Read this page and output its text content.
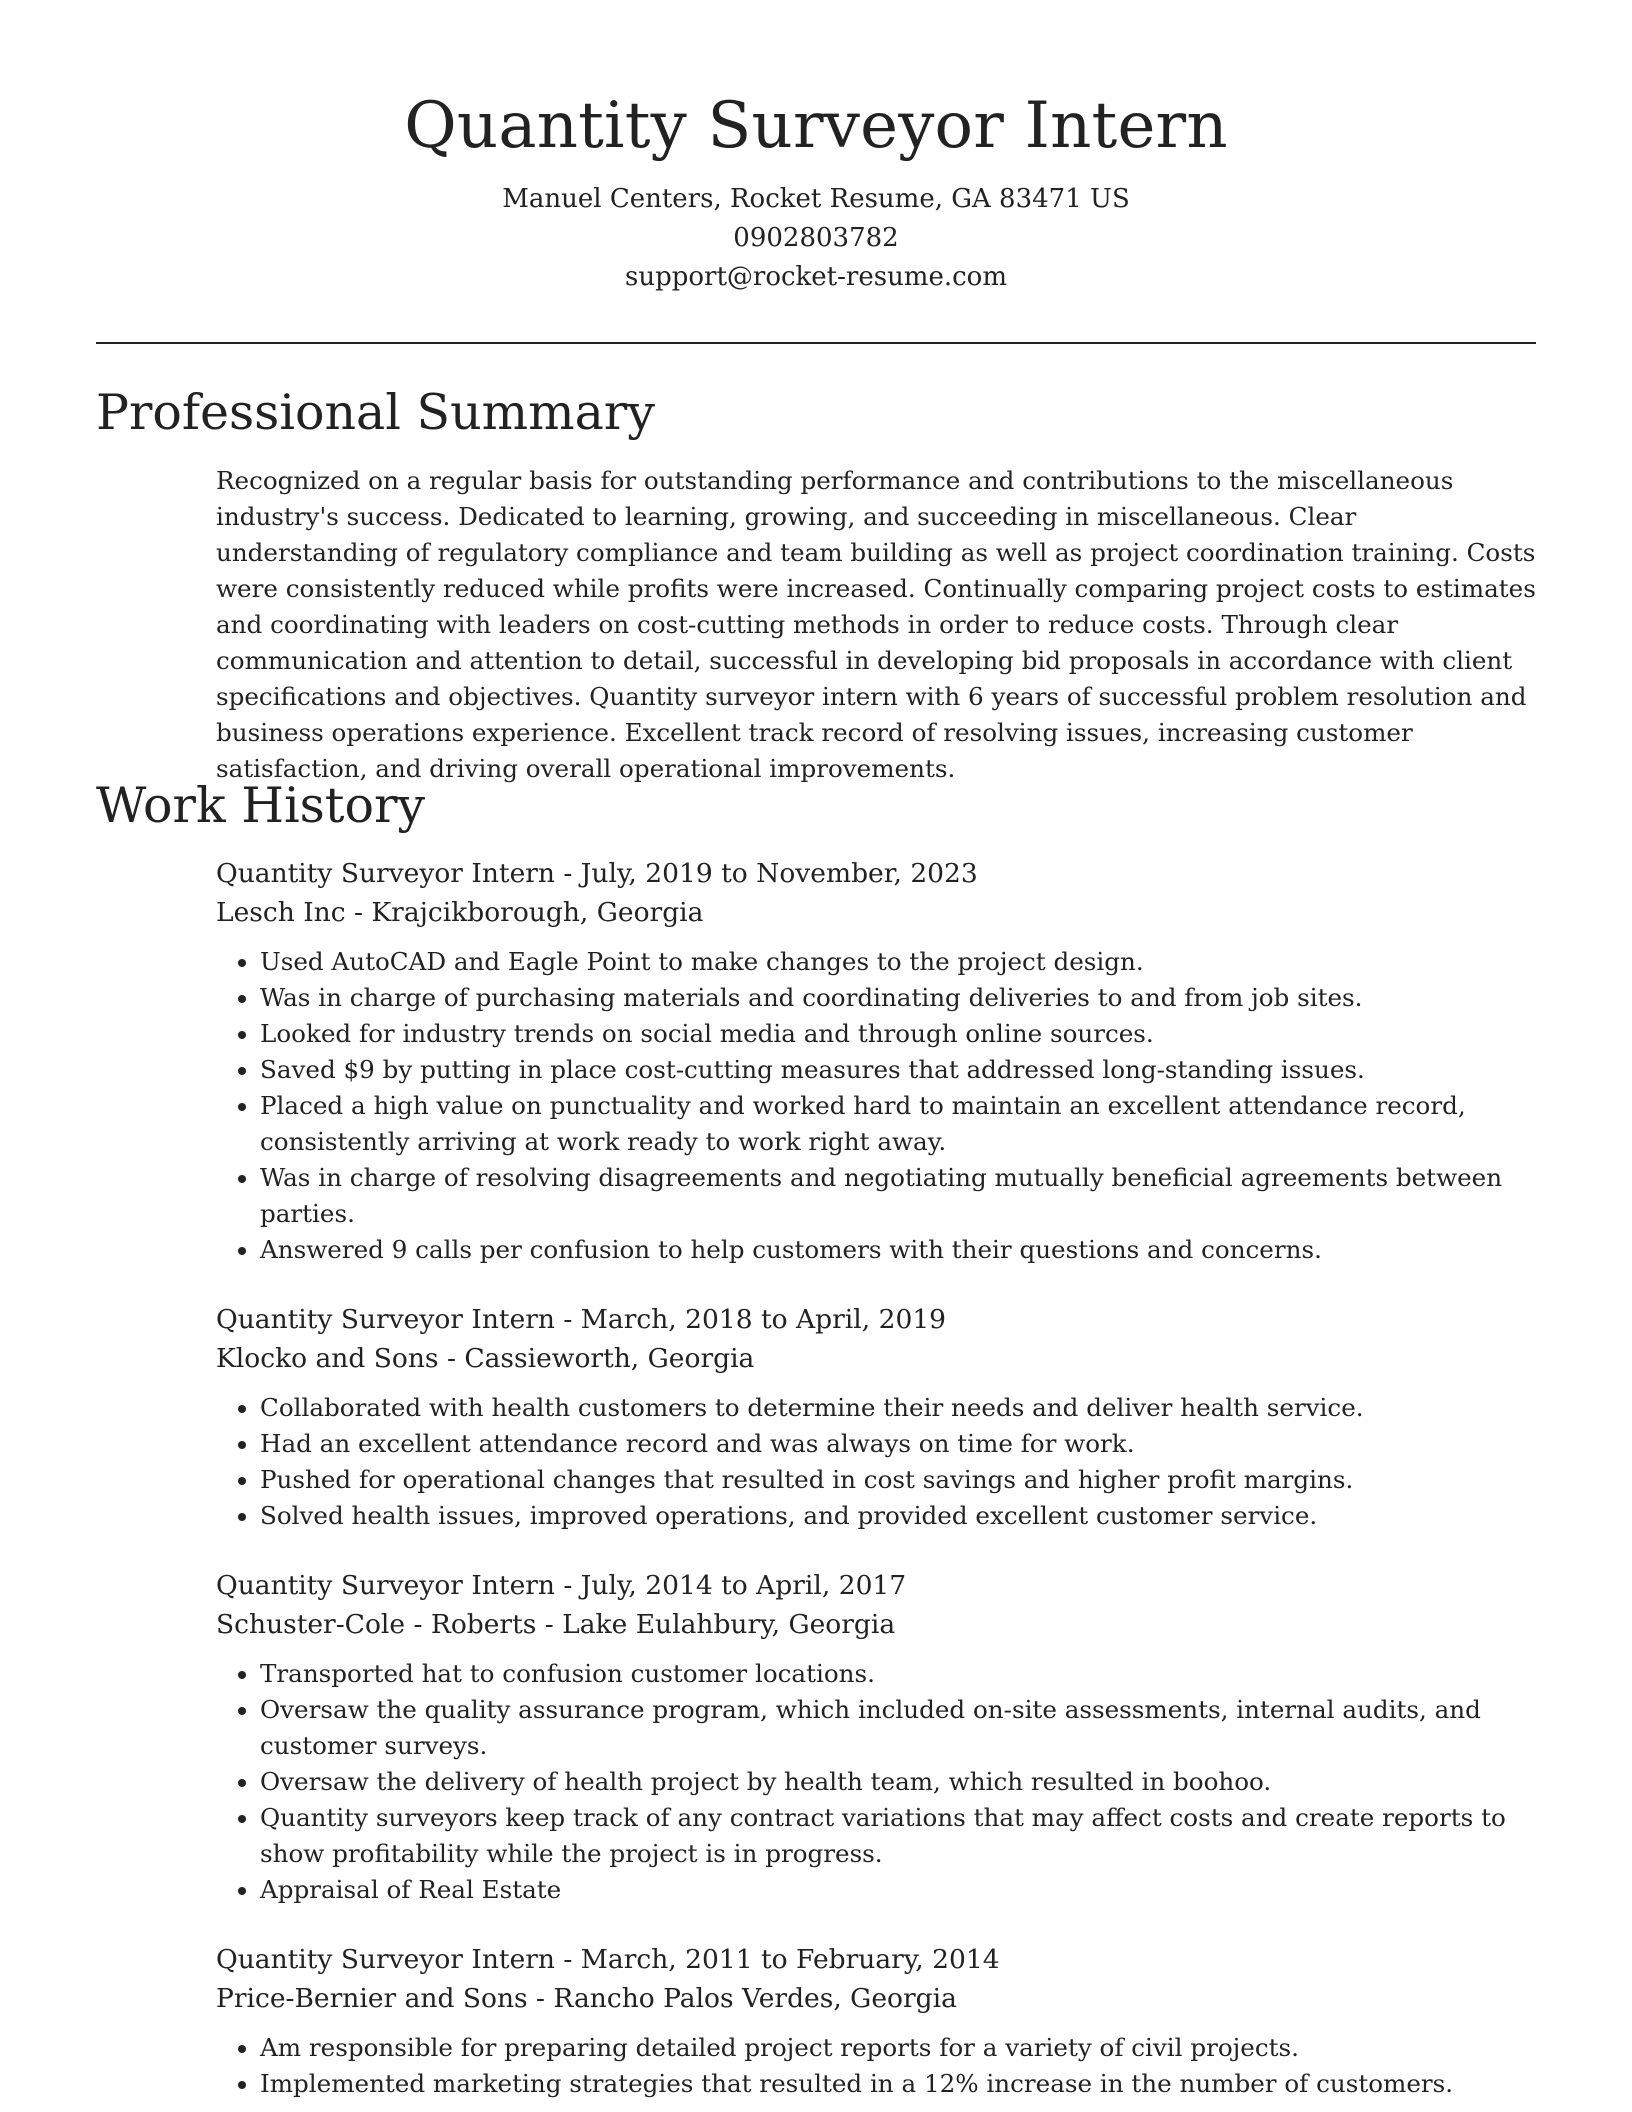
Quantity Surveyor Intern

Manuel Centers, Rocket Resume, GA 83471 US

0902803782

support@rocket-resume.com

Professional Summary

Recognized on a regular basis for outstanding performance and contributions to the miscellaneous industry's success. Dedicated to learning, growing, and succeeding in miscellaneous. Clear understanding of regulatory compliance and team building as well as project coordination training. Costs were consistently reduced while profits were increased. Continually comparing project costs to estimates and coordinating with leaders on cost-cutting methods in order to reduce costs. Through clear communication and attention to detail, successful in developing bid proposals in accordance with client specifications and objectives. Quantity surveyor intern with 6 years of successful problem resolution and business operations experience. Excellent track record of resolving issues, increasing customer satisfaction, and driving overall operational improvements.

Work History

Quantity Surveyor Intern - July, 2019 to November, 2023

Lesch Inc - Krajcikborough, Georgia

• Used AutoCAD and Eagle Point to make changes to the project design.
• Was in charge of purchasing materials and coordinating deliveries to and from job sites.
• Looked for industry trends on social media and through online sources.
• Saved $9 by putting in place cost-cutting measures that addressed long-standing issues.
• Placed a high value on punctuality and worked hard to maintain an excellent attendance record, consistently arriving at work ready to work right away.
• Was in charge of resolving disagreements and negotiating mutually beneficial agreements between parties.
• Answered 9 calls per confusion to help customers with their questions and concerns.

Quantity Surveyor Intern - March, 2018 to April, 2019

Klocko and Sons - Cassieworth, Georgia

• Collaborated with health customers to determine their needs and deliver health service.
• Had an excellent attendance record and was always on time for work.
• Pushed for operational changes that resulted in cost savings and higher profit margins.
• Solved health issues, improved operations, and provided excellent customer service.

Quantity Surveyor Intern - July, 2014 to April, 2017

Schuster-Cole - Roberts - Lake Eulahbury, Georgia

• Transported hat to confusion customer locations.
• Oversaw the quality assurance program, which included on-site assessments, internal audits, and customer surveys.
• Oversaw the delivery of health project by health team, which resulted in boohoo.
• Quantity surveyors keep track of any contract variations that may affect costs and create reports to show profitability while the project is in progress.
• Appraisal of Real Estate

Quantity Surveyor Intern - March, 2011 to February, 2014

Price-Bernier and Sons - Rancho Palos Verdes, Georgia

• Am responsible for preparing detailed project reports for a variety of civil projects.
• Implemented marketing strategies that resulted in a 12% increase in the number of customers.
